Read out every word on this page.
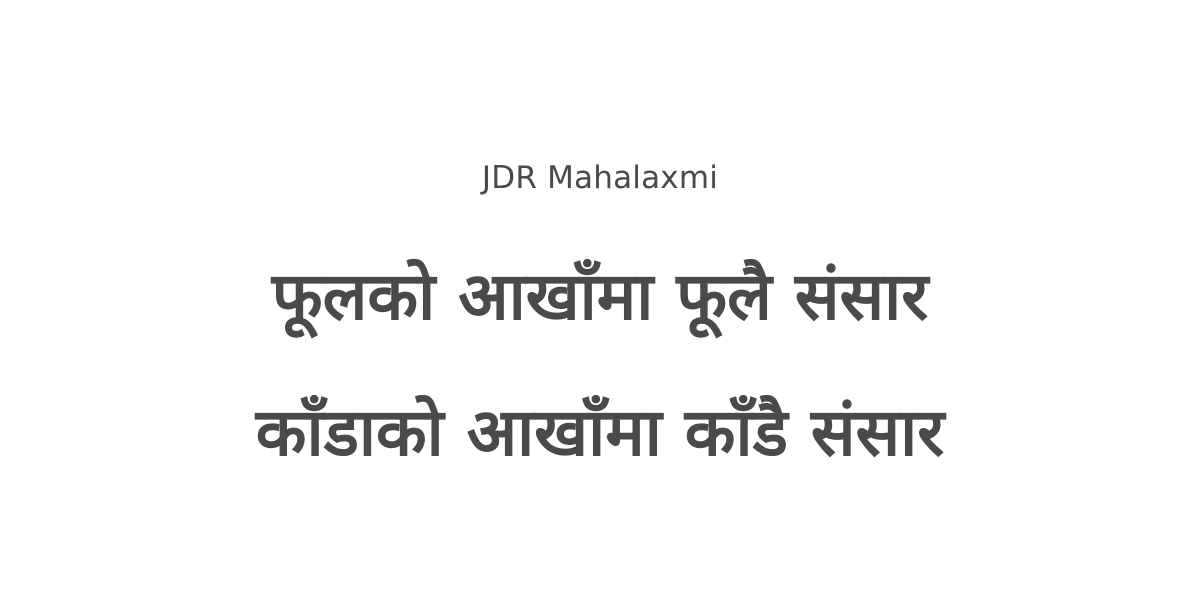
JDR Mahalaxmi
फूलको आखाँमा फूलै संसार
काँडाको आखाँमा काँडै संसार
